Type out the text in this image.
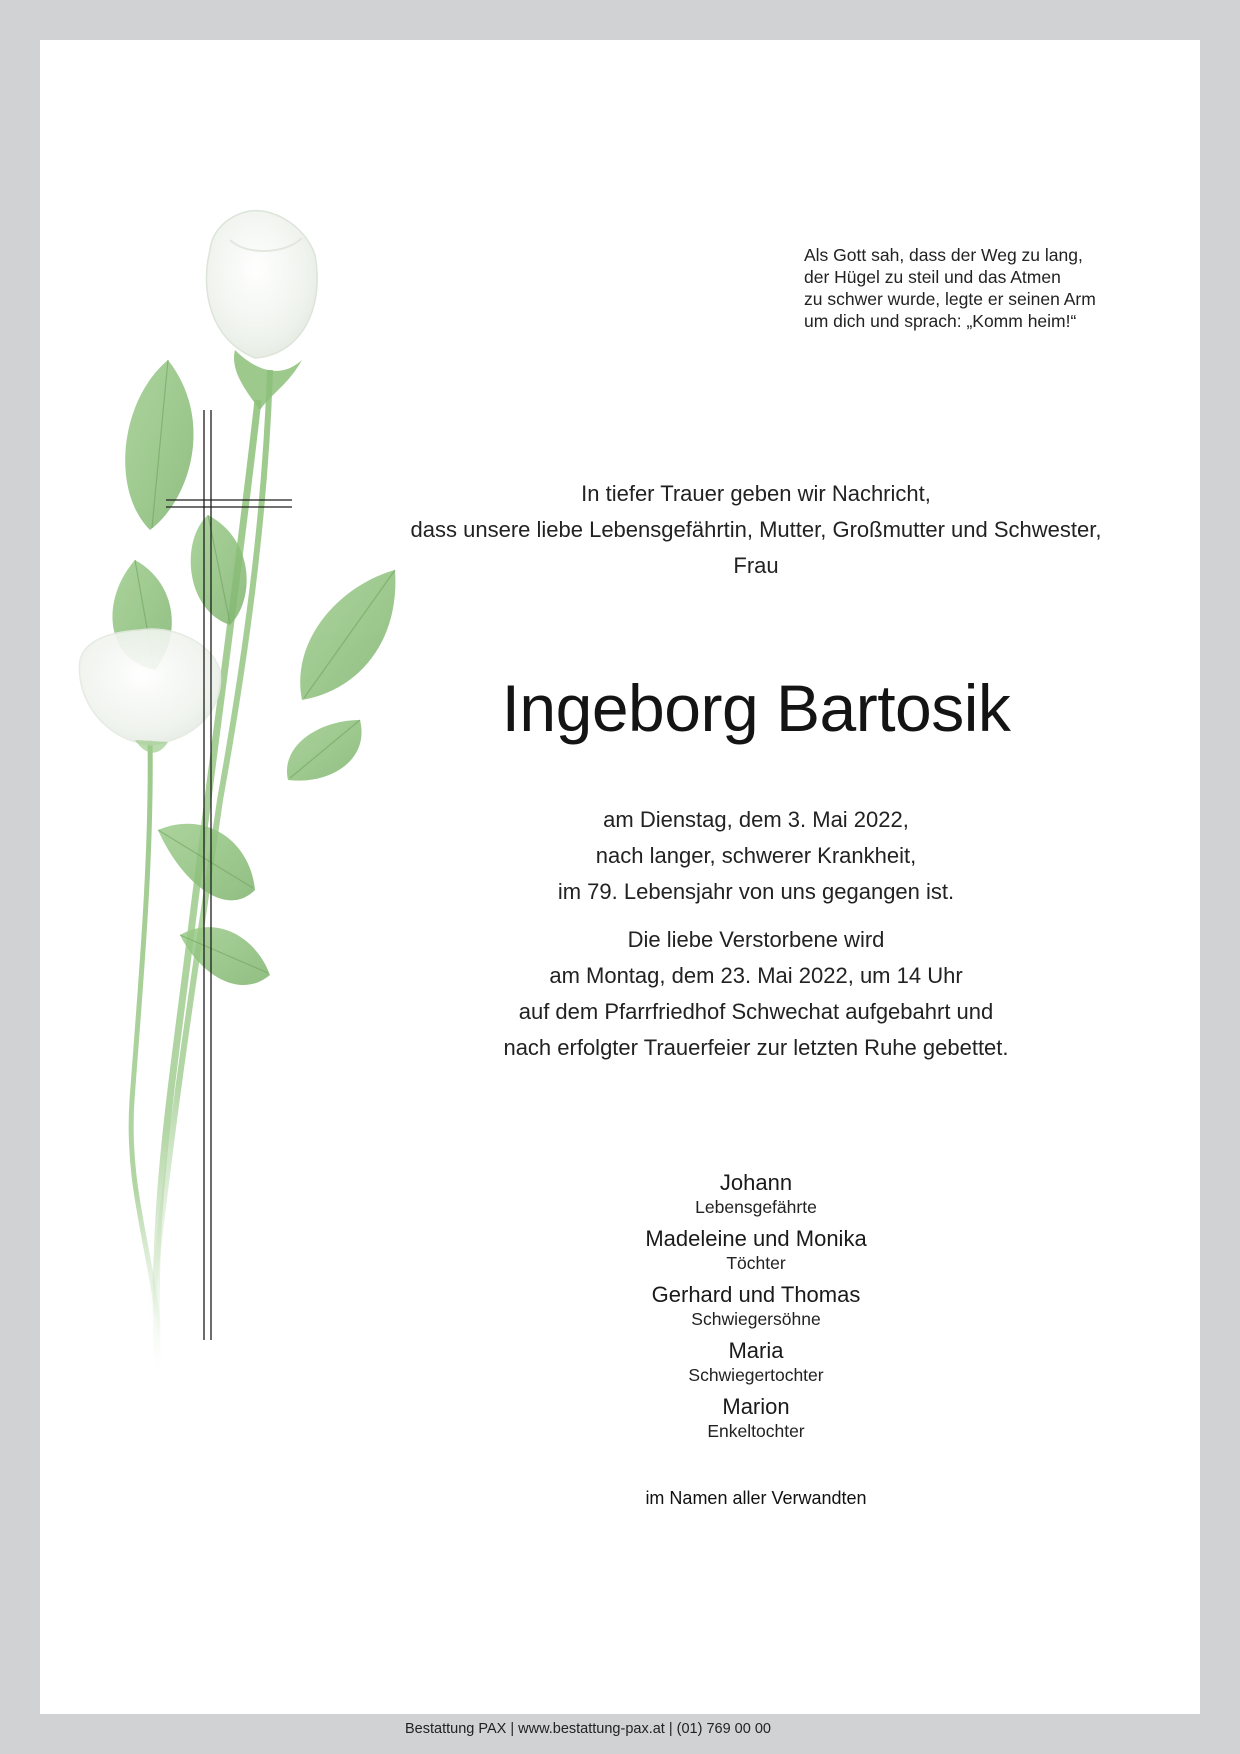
Als Gott sah, dass der Weg zu lang,
der Hügel zu steil und das Atmen
zu schwer wurde, legte er seinen Arm
um dich und sprach: „Komm heim!“
In tiefer Trauer geben wir Nachricht,
dass unsere liebe Lebensgefährtin, Mutter, Großmutter und Schwester,
Frau
Ingeborg Bartosik
am Dienstag, dem 3. Mai 2022,
nach langer, schwerer Krankheit,
im 79. Lebensjahr von uns gegangen ist.
Die liebe Verstorbene wird
am Montag, dem 23. Mai 2022, um 14 Uhr
auf dem Pfarrfriedhof Schwechat aufgebahrt und
nach erfolgter Trauerfeier zur letzten Ruhe gebettet.
Johann
Lebensgefährte
Madeleine und Monika
Töchter
Gerhard und Thomas
Schwiegersöhne
Maria
Schwiegertochter
Marion
Enkeltochter
im Namen aller Verwandten
Bestattung PAX | www.bestattung-pax.at | (01) 769 00 00
